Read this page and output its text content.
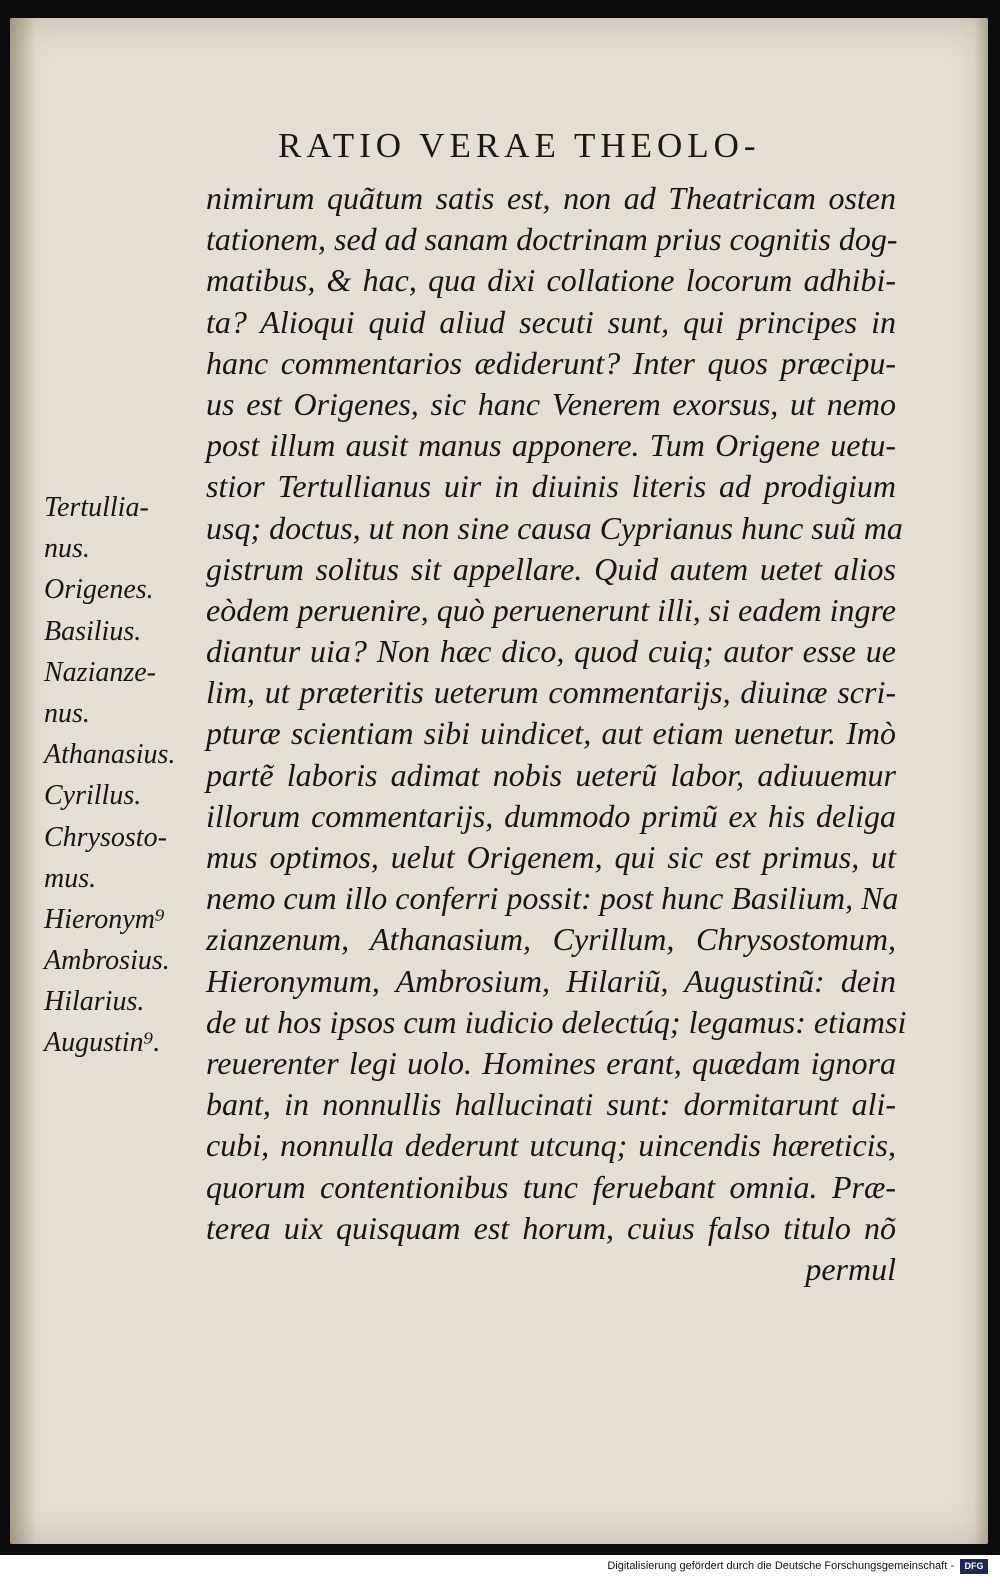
RATIO VERAE THEOLO-
nimirum quãtum satis est, non ad Theatricam osten
tationem, sed ad sanam doctrinam prius cognitis dog-
matibus, & hac, qua dixi collatione locorum adhibi-
ta? Alioqui quid aliud secuti sunt, qui principes in
hanc commentarios ædiderunt? Inter quos præcipu-
us est Origenes, sic hanc Venerem exorsus, ut nemo
post illum ausit manus apponere. Tum Origene uetu-
stior Tertullianus uir in diuinis literis ad prodigium
usq; doctus, ut non sine causa Cyprianus hunc suũ ma
gistrum solitus sit appellare. Quid autem uetet alios
eòdem peruenire, quò peruenerunt illi, si eadem ingre
diantur uia? Non hæc dico, quod cuiq; autor esse ue
lim, ut præteritis ueterum commentarijs, diuinæ scri-
pturæ scientiam sibi uindicet, aut etiam uenetur. Imò
partẽ laboris adimat nobis ueterũ labor, adiuuemur
illorum commentarijs, dummodo primũ ex his deliga
mus optimos, uelut Origenem, qui sic est primus, ut
nemo cum illo conferri possit: post hunc Basilium, Na
zianzenum, Athanasium, Cyrillum, Chrysostomum,
Hieronymum, Ambrosium, Hilariũ, Augustinũ: dein
de ut hos ipsos cum iudicio delectúq; legamus: etiamsi
reuerenter legi uolo. Homines erant, quædam ignora
bant, in nonnullis hallucinati sunt: dormitarunt ali-
cubi, nonnulla dederunt utcunq; uincendis hæreticis,
quorum contentionibus tunc feruebant omnia. Præ-
terea uix quisquam est horum, cuius falso titulo nõ
permul
Tertullia-
nus.
Origenes.
Basilius.
Nazianze-
nus.
Athanasius.
Cyrillus.
Chrysosto-
mus.
Hieronym⁹
Ambrosius.
Hilarius.
Augustin⁹.
Digitalisierung gefördert durch die Deutsche Forschungsgemeinschaft -	DFG
